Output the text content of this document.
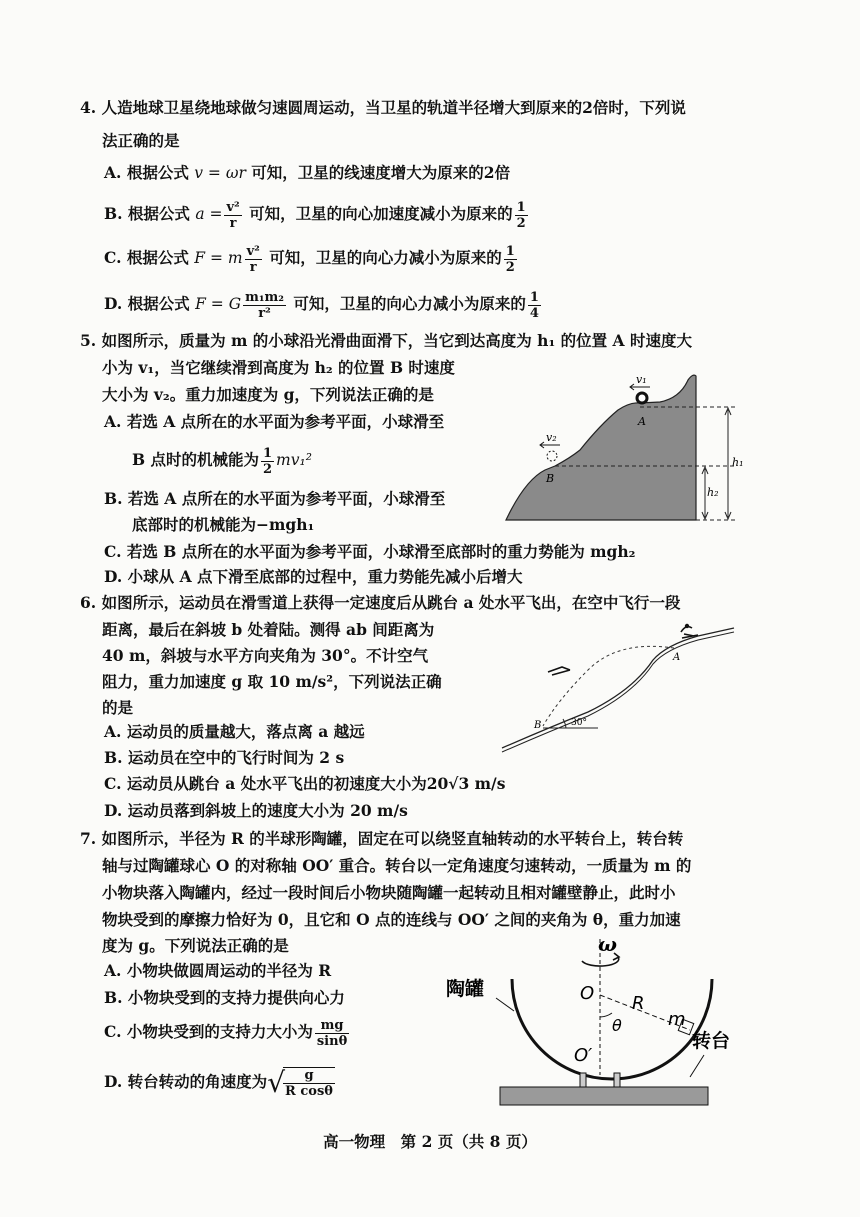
4. 人造地球卫星绕地球做匀速圆周运动，当卫星的轨道半径增大到原来的2倍时，下列说
法正确的是
A. 根据公式 v = ωr 可知，卫星的线速度增大为原来的2倍
B. 根据公式 $a = \frac{\text{v²}}{r}$ 可知，卫星的向心加速度减小为原来的 $\frac{1}{2}$
C. 根据公式 F = m $\frac{\text{v²}}{r}$ 可知，卫星的向心力减小为原来的 $\frac{1}{2}$
D. 根据公式 F = G $\frac{\text{m₁m₂}}{\text{r²}}$ 可知，卫星的向心力减小为原来的 $\frac{1}{4}$
5. 如图所示，质量为 m 的小球沿光滑曲面滑下，当它到达高度为 h₁ 的位置 A 时速度大
小为 v₁，当它继续滑到高度为 h₂ 的位置 B 时速度
大小为 v₂。重力加速度为 g，下列说法正确的是
A. 若选 A 点所在的水平面为参考平面，小球滑至
B 点时的机械能为 $\frac{1}{2} mv_1^2$
B. 若选 A 点所在的水平面为参考平面，小球滑至
底部时的机械能为−mgh₁
C. 若选 B 点所在的水平面为参考平面，小球滑至底部时的重力势能为 mgh₂
D. 小球从 A 点下滑至底部的过程中，重力势能先减小后增大
v₁
v₂
A
B
h₁
h₂
6. 如图所示，运动员在滑雪道上获得一定速度后从跳台 a 处水平飞出，在空中飞行一段
距离，最后在斜坡 b 处着陆。测得 ab 间距离为
40 m，斜坡与水平方向夹角为 30°。不计空气
阻力，重力加速度 g 取 10 m/s²，下列说法正确
的是
A. 运动员的质量越大，落点离 a 越远
B. 运动员在空中的飞行时间为 2 s
C. 运动员从跳台 a 处水平飞出的初速度大小为20√3 m/s
D. 运动员落到斜坡上的速度大小为 20 m/s
A
B	30°
7. 如图所示，半径为 R 的半球形陶罐，固定在可以绕竖直轴转动的水平转台上，转台转
轴与过陶罐球心 O 的对称轴 OO′ 重合。转台以一定角速度匀速转动，一质量为 m 的
小物块落入陶罐内，经过一段时间后小物块随陶罐一起转动且相对罐壁静止，此时小
物块受到的摩擦力恰好为 0，且它和 O 点的连线与 OO′ 之间的夹角为 θ，重力加速
度为 g。下列说法正确的是
A. 小物块做圆周运动的半径为 R
B. 小物块受到的支持力提供向心力
C. 小物块受到的支持力大小为 $\frac{mg}{\sin\theta}$
D. 转台转动的角速度为√
$\frac{g}{\text{R cosθ}}$
ω
O R
m
θ
O′
陶罐
转台
高一物理　第 2 页（共 8 页）
